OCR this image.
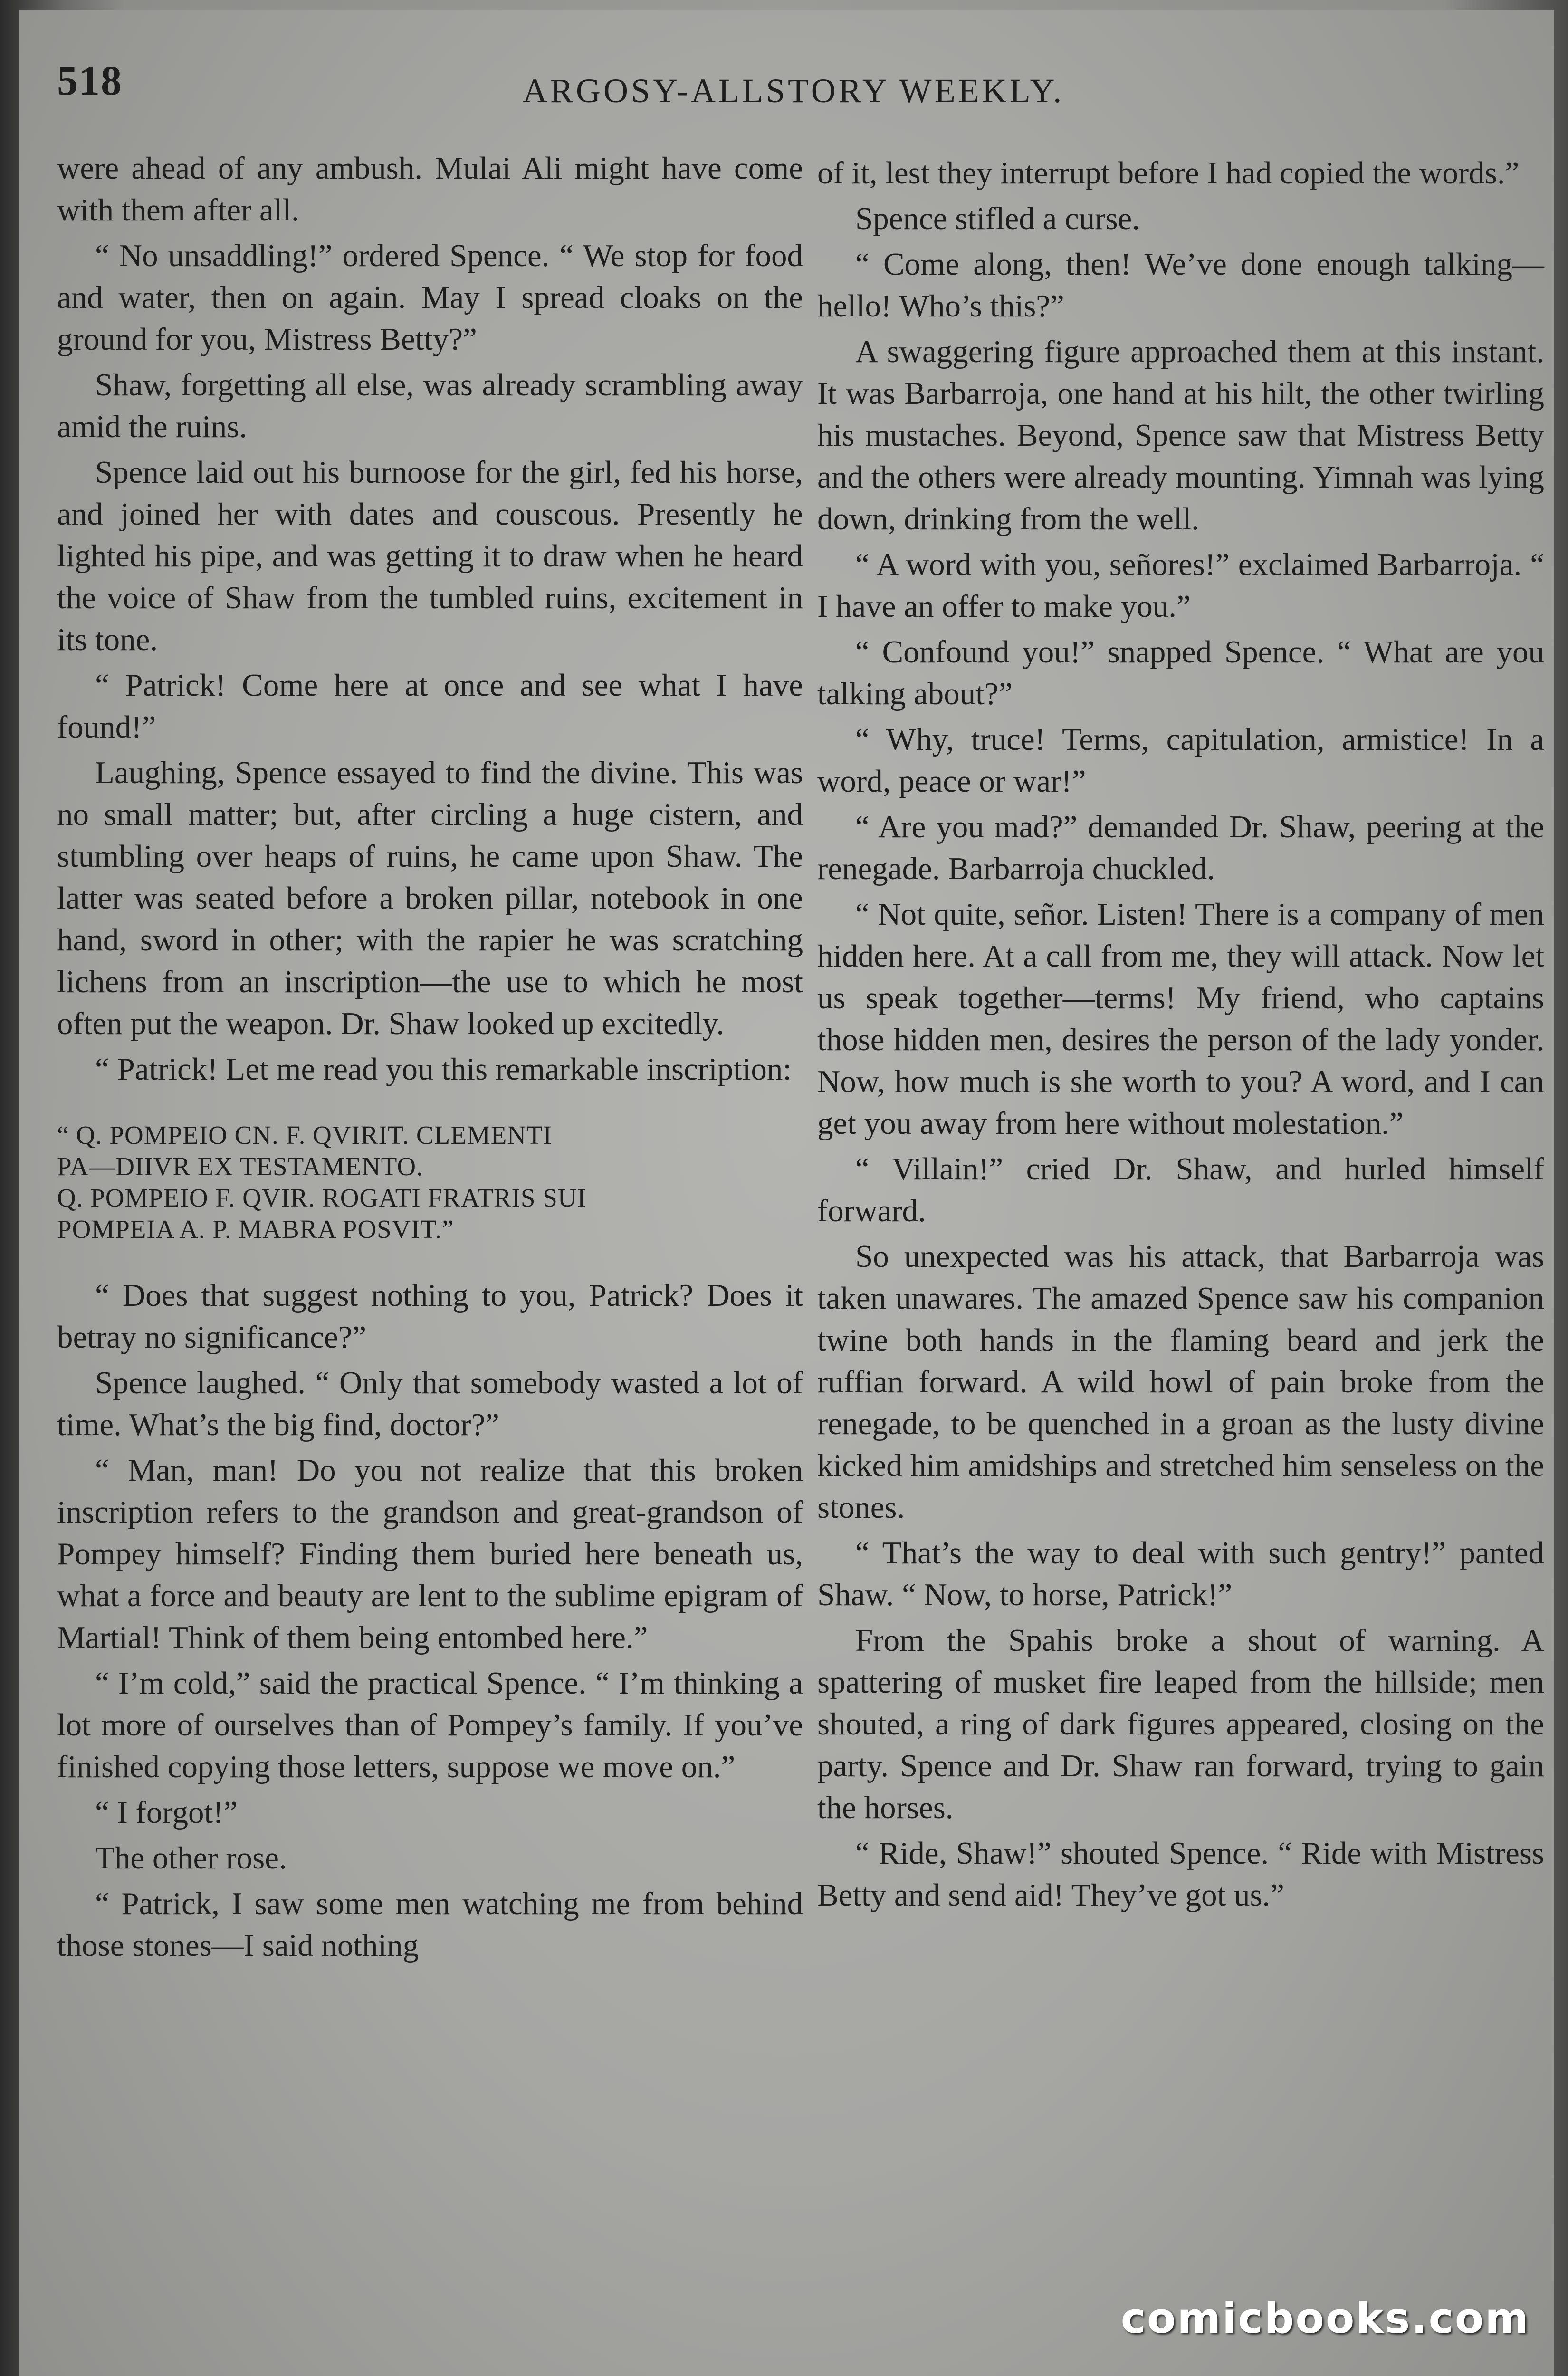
518	ARGOSY-ALLSTORY WEEKLY.

were ahead of any ambush. Mulai Ali might have come with them after all.

“ No unsaddling!” ordered Spence. “ We stop for food and water, then on again. May I spread cloaks on the ground for you, Mistress Betty?”

Shaw, forgetting all else, was already scrambling away amid the ruins.

Spence laid out his burnoose for the girl, fed his horse, and joined her with dates and couscous. Presently he lighted his pipe, and was getting it to draw when he heard the voice of Shaw from the tumbled ruins, excitement in its tone.

“ Patrick! Come here at once and see what I have found!”

Laughing, Spence essayed to find the divine. This was no small matter; but, after circling a huge cistern, and stumbling over heaps of ruins, he came upon Shaw. The latter was seated before a broken pillar, notebook in one hand, sword in other; with the rapier he was scratching lichens from an inscription—the use to which he most often put the weapon. Dr. Shaw looked up excitedly.

“ Patrick! Let me read you this remarkable inscription:

“ Q. POMPEIO CN. F. QVIRIT. CLEMENTI
PA—DIIVR EX TESTAMENTO.
Q. POMPEIO F. QVIR. ROGATI FRATRIS SUI
POMPEIA A. P. MABRA POSVIT.”

“ Does that suggest nothing to you, Patrick? Does it betray no significance?”

Spence laughed. “ Only that somebody wasted a lot of time. What’s the big find, doctor?”

“ Man, man! Do you not realize that this broken inscription refers to the grandson and great-grandson of Pompey himself? Finding them buried here beneath us, what a force and beauty are lent to the sublime epigram of Martial! Think of them being entombed here.”

“ I’m cold,” said the practical Spence. “ I’m thinking a lot more of ourselves than of Pompey’s family. If you’ve finished copying those letters, suppose we move on.”

“ I forgot!”

The other rose.

“ Patrick, I saw some men watching me from behind those stones—I said nothing

of it, lest they interrupt before I had copied the words.”

Spence stifled a curse.

“ Come along, then! We’ve done enough talking—hello! Who’s this?”

A swaggering figure approached them at this instant. It was Barbarroja, one hand at his hilt, the other twirling his mustaches. Beyond, Spence saw that Mistress Betty and the others were already mounting. Yimnah was lying down, drinking from the well.

“ A word with you, señores!” exclaimed Barbarroja. “ I have an offer to make you.”

“ Confound you!” snapped Spence. “ What are you talking about?”

“ Why, truce! Terms, capitulation, armistice! In a word, peace or war!”

“ Are you mad?” demanded Dr. Shaw, peering at the renegade. Barbarroja chuckled.

“ Not quite, señor. Listen! There is a company of men hidden here. At a call from me, they will attack. Now let us speak together—terms! My friend, who captains those hidden men, desires the person of the lady yonder. Now, how much is she worth to you? A word, and I can get you away from here without molestation.”

“ Villain!” cried Dr. Shaw, and hurled himself forward.

So unexpected was his attack, that Barbarroja was taken unawares. The amazed Spence saw his companion twine both hands in the flaming beard and jerk the ruffian forward. A wild howl of pain broke from the renegade, to be quenched in a groan as the lusty divine kicked him amidships and stretched him senseless on the stones.

“ That’s the way to deal with such gentry!” panted Shaw. “ Now, to horse, Patrick!”

From the Spahis broke a shout of warning. A spattering of musket fire leaped from the hillside; men shouted, a ring of dark figures appeared, closing on the party. Spence and Dr. Shaw ran forward, trying to gain the horses.

“ Ride, Shaw!” shouted Spence. “ Ride with Mistress Betty and send aid! They’ve got us.”

comicbooks.com
